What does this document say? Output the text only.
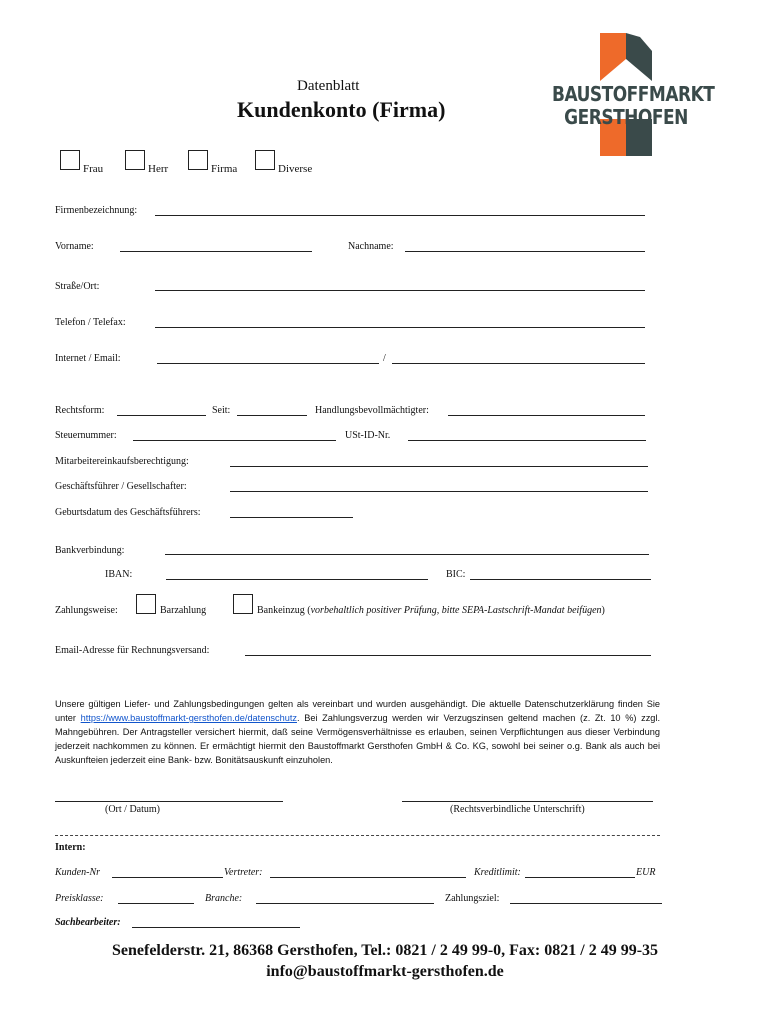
Datenblatt
Kundenkonto (Firma)
BAUSTOFFMARKT
GERSTHOFEN
Frau	Herr	Firma	Diverse
Firmenbezeichnung:
Vorname:	Nachname:
Straße/Ort:
Telefon / Telefax:
Internet / Email:	/
Rechtsform:	Seit:	Handlungsbevollmächtigter:
Steuernummer:	USt-ID-Nr.
Mitarbeitereinkaufsberechtigung:
Geschäftsführer / Gesellschafter:
Geburtsdatum des Geschäftsführers:
Bankverbindung:
IBAN:	BIC:
Zahlungsweise:	Barzahlung	Bankeinzug (vorbehaltlich positiver Prüfung, bitte SEPA-Lastschrift-Mandat beifügen)
Email-Adresse für Rechnungsversand:
Unsere gültigen Liefer- und Zahlungsbedingungen gelten als vereinbart und wurden ausgehändigt. Die aktuelle Datenschutzerklärung finden Sie unter https://www.baustoffmarkt-gersthofen.de/datenschutz. Bei Zahlungsverzug werden wir Verzugszinsen geltend machen (z. Zt. 10 %) zzgl. Mahngebühren. Der Antragsteller versichert hiermit, daß seine Vermögensverhältnisse es erlauben, seinen Verpflichtungen aus dieser Verbindung jederzeit nachkommen zu können. Er ermächtigt hiermit den Baustoffmarkt Gersthofen GmbH & Co. KG, sowohl bei seiner o.g. Bank als auch bei Auskunfteien jederzeit eine Bank- bzw. Bonitätsauskunft einzuholen.
(Ort / Datum)	(Rechtsverbindliche Unterschrift)
Intern:
Kunden-Nr	Vertreter:	Kreditlimit:	EUR
Preisklasse:	Branche:	Zahlungsziel:
Sachbearbeiter:
Senefelderstr. 21, 86368 Gersthofen, Tel.: 0821 / 2 49 99-0, Fax: 0821 / 2 49 99-35
info@baustoffmarkt-gersthofen.de
